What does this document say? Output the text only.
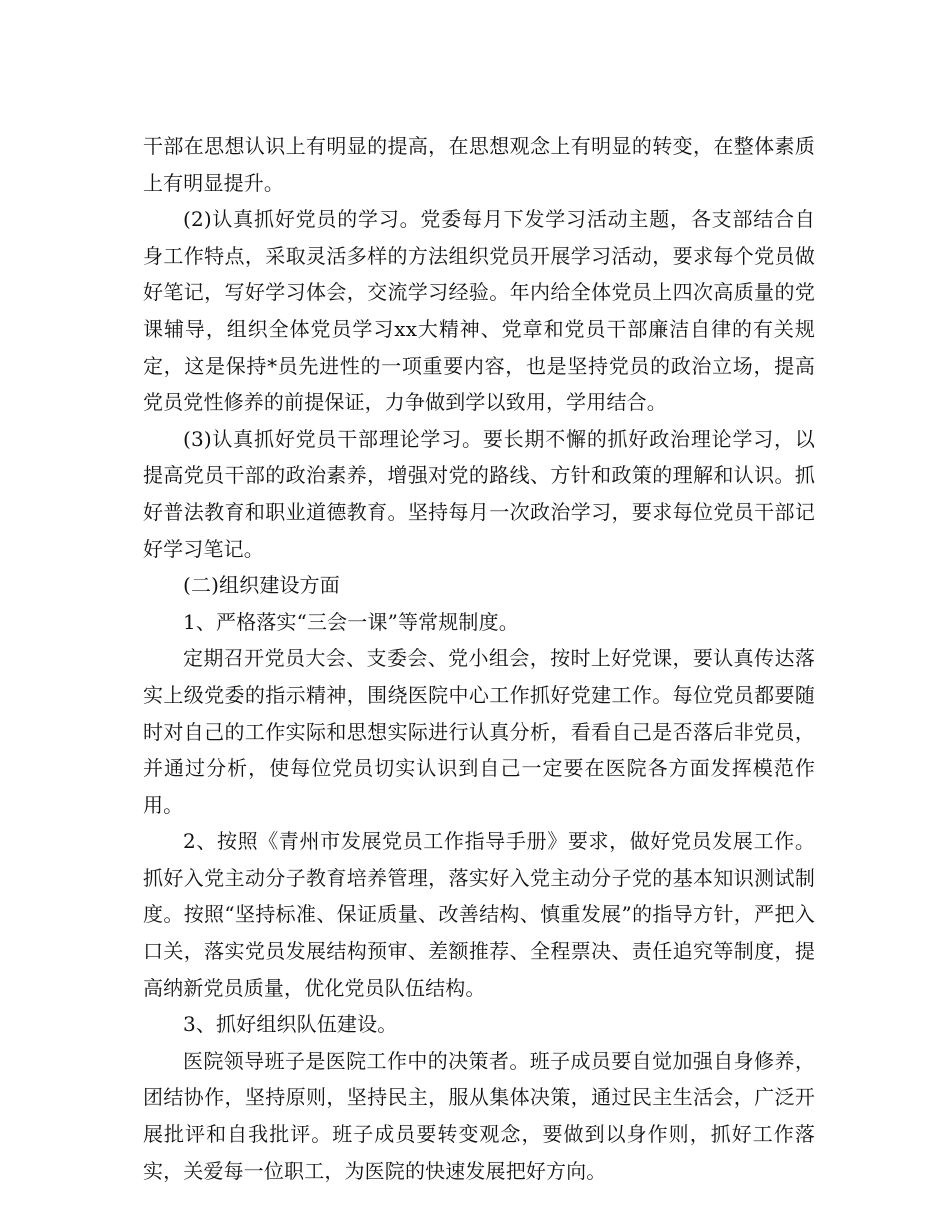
干部在思想认识上有明显的提高，在思想观念上有明显的转变，在整体素质上有明显提升。

(2)认真抓好党员的学习。党委每月下发学习活动主题，各支部结合自身工作特点，采取灵活多样的方法组织党员开展学习活动，要求每个党员做好笔记，写好学习体会，交流学习经验。年内给全体党员上四次高质量的党课辅导，组织全体党员学习xx大精神、党章和党员干部廉洁自律的有关规定，这是保持*员先进性的一项重要内容，也是坚持党员的政治立场，提高党员党性修养的前提保证，力争做到学以致用，学用结合。

(3)认真抓好党员干部理论学习。要长期不懈的抓好政治理论学习，以提高党员干部的政治素养，增强对党的路线、方针和政策的理解和认识。抓好普法教育和职业道德教育。坚持每月一次政治学习，要求每位党员干部记好学习笔记。

(二)组织建设方面

1、严格落实“三会一课”等常规制度。

定期召开党员大会、支委会、党小组会，按时上好党课，要认真传达落实上级党委的指示精神，围绕医院中心工作抓好党建工作。每位党员都要随时对自己的工作实际和思想实际进行认真分析，看看自己是否落后非党员，并通过分析，使每位党员切实认识到自己一定要在医院各方面发挥模范作用。

2、按照《青州市发展党员工作指导手册》要求，做好党员发展工作。抓好入党主动分子教育培养管理，落实好入党主动分子党的基本知识测试制度。按照“坚持标准、保证质量、改善结构、慎重发展”的指导方针，严把入口关，落实党员发展结构预审、差额推荐、全程票决、责任追究等制度，提高纳新党员质量，优化党员队伍结构。

3、抓好组织队伍建设。

医院领导班子是医院工作中的决策者。班子成员要自觉加强自身修养，团结协作，坚持原则，坚持民主，服从集体决策，通过民主生活会，广泛开展批评和自我批评。班子成员要转变观念，要做到以身作则，抓好工作落实，关爱每一位职工，为医院的快速发展把好方向。
